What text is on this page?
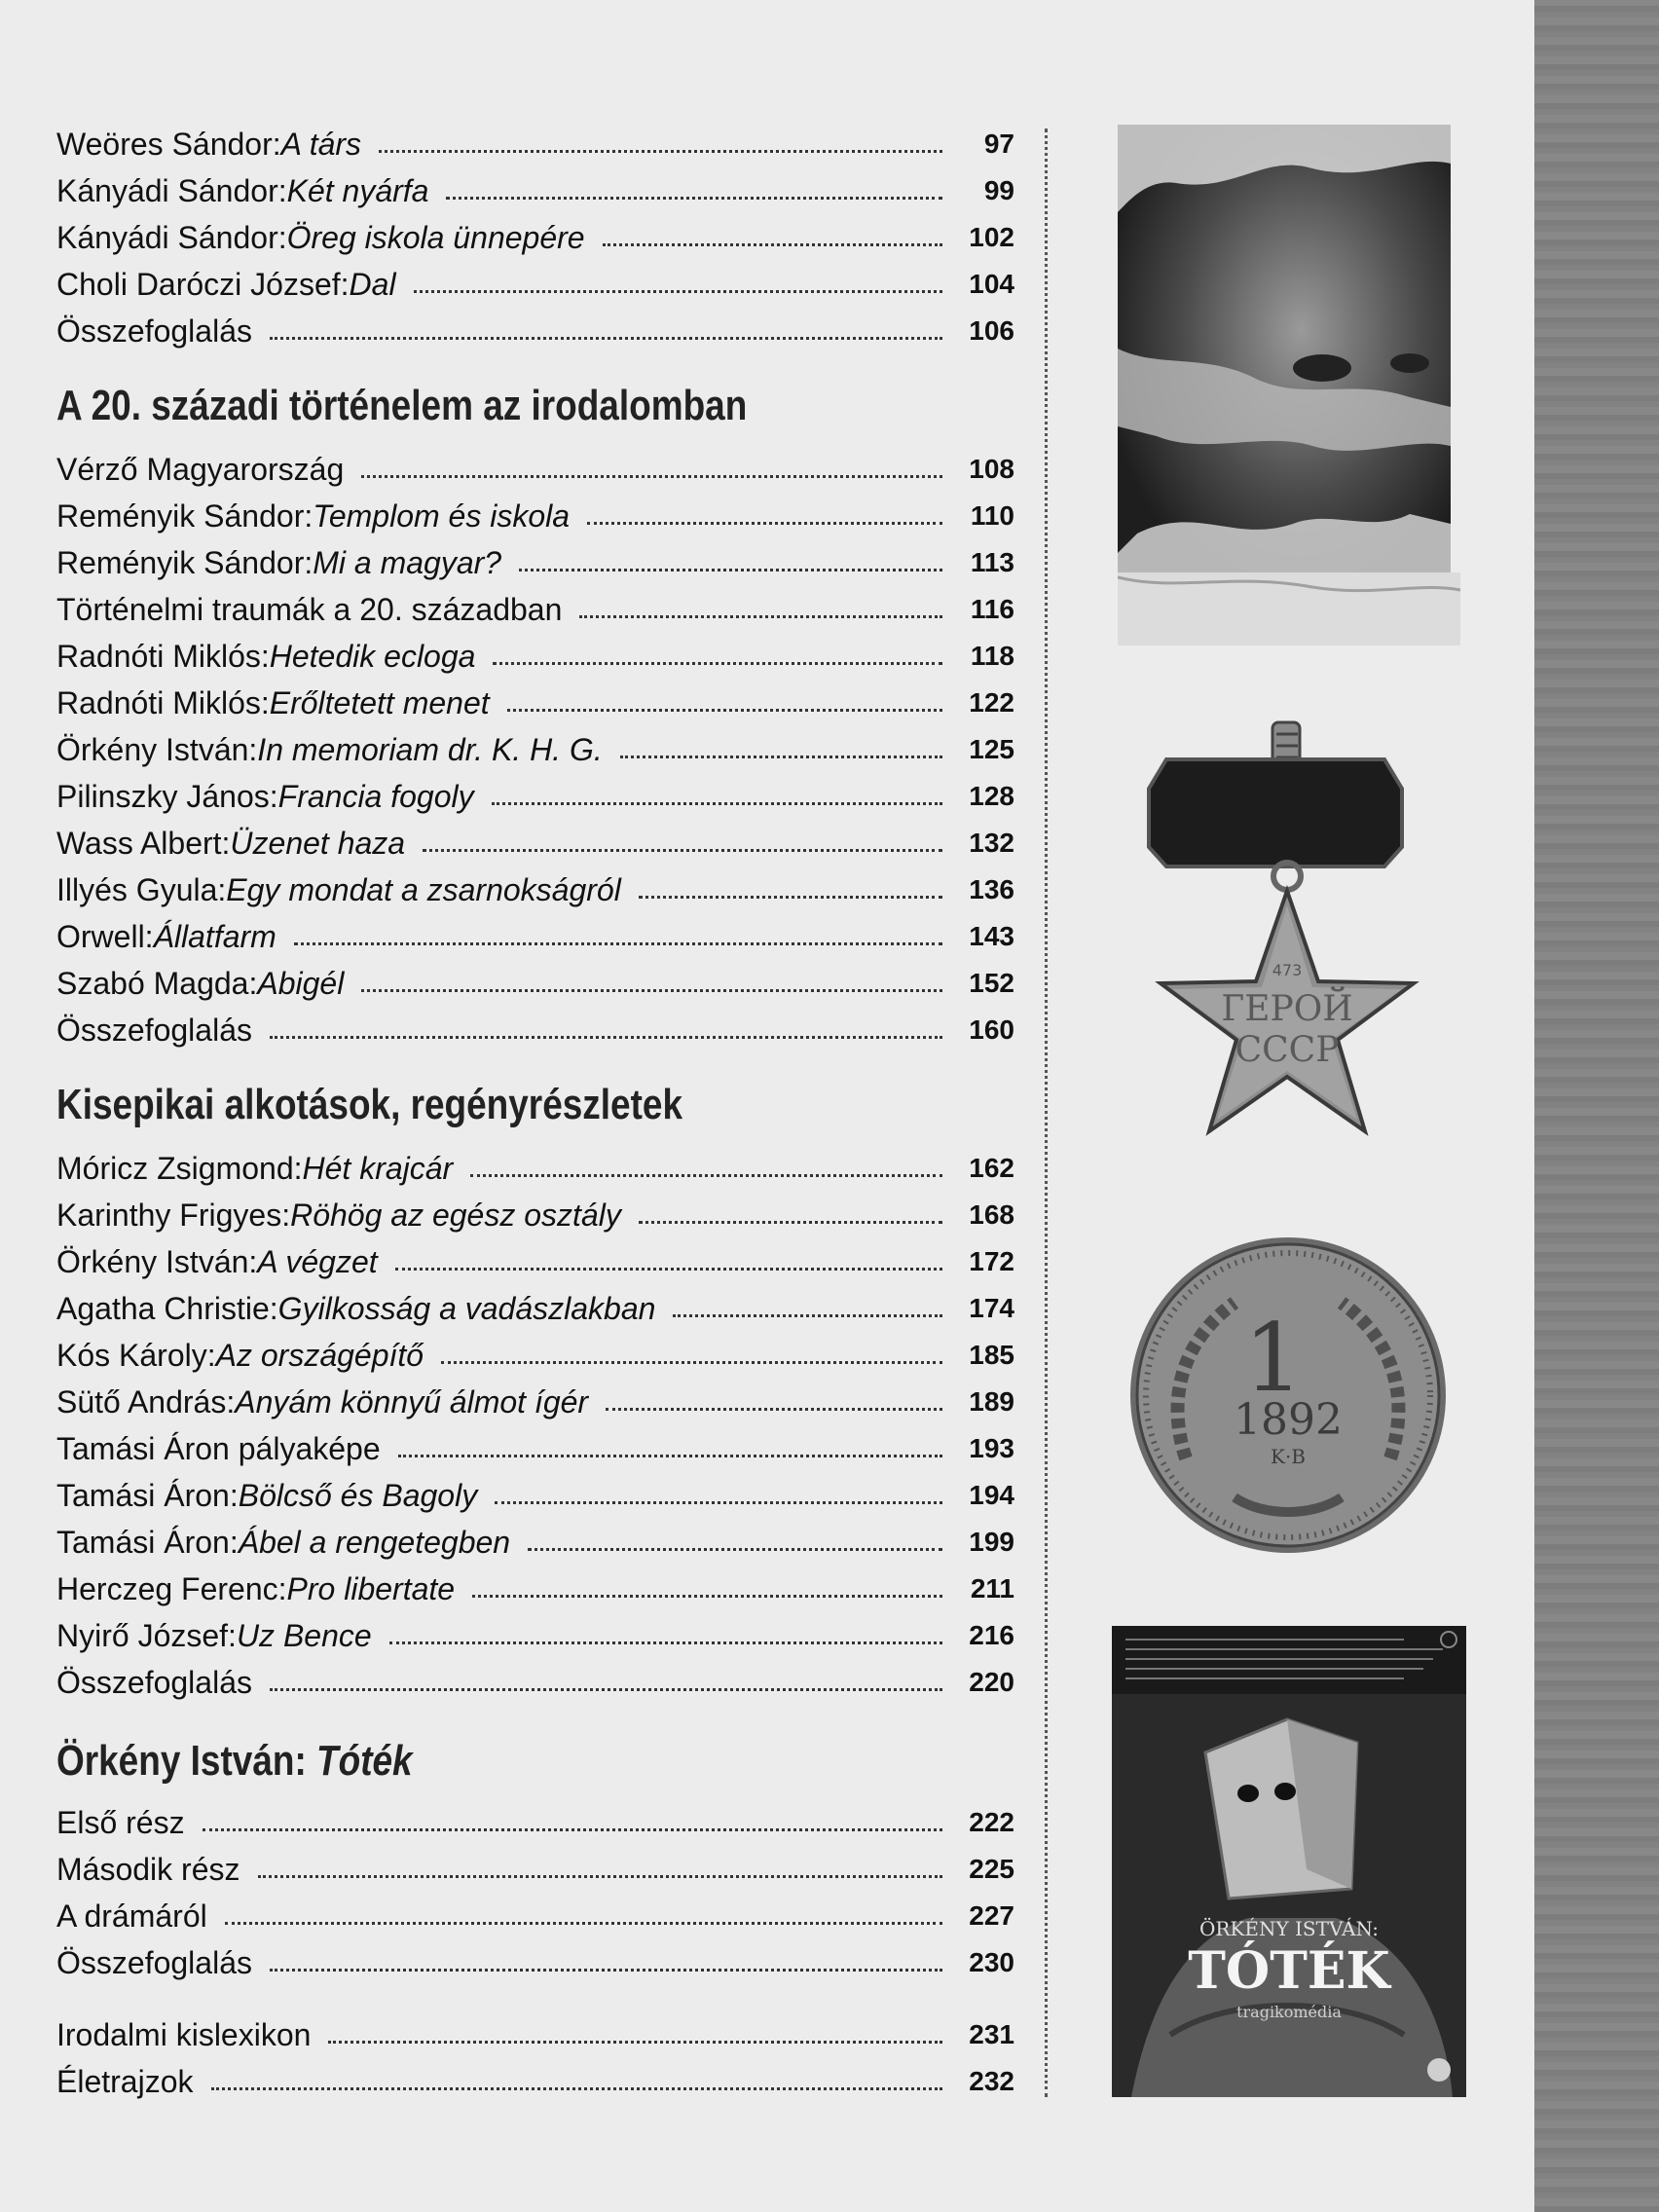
Weöres Sándor: A társ	97
Kányádi Sándor: Két nyárfa	99
Kányádi Sándor: Öreg iskola ünnepére	102
Choli Daróczi József: Dal	104
Összefoglalás	106
A 20. századi történelem az irodalomban
Vérző Magyarország	108
Reményik Sándor: Templom és iskola	110
Reményik Sándor: Mi a magyar?	113
Történelmi traumák a 20. században	116
Radnóti Miklós: Hetedik ecloga	118
Radnóti Miklós: Erőltetett menet	122
Örkény István: In memoriam dr. K. H. G.	125
Pilinszky János: Francia fogoly	128
Wass Albert: Üzenet haza	132
Illyés Gyula: Egy mondat a zsarnokságról	136
Orwell: Állatfarm	143
Szabó Magda: Abigél	152
Összefoglalás	160
Kisepikai alkotások, regényrészletek
Móricz Zsigmond: Hét krajcár	162
Karinthy Frigyes: Röhög az egész osztály	168
Örkény István: A végzet	172
Agatha Christie: Gyilkosság a vadászlakban	174
Kós Károly: Az országépítő	185
Sütő András: Anyám könnyű álmot ígér	189
Tamási Áron pályaképe	193
Tamási Áron: Bölcső és Bagoly	194
Tamási Áron: Ábel a rengetegben	199
Herczeg Ferenc: Pro libertate	211
Nyirő József: Uz Bence	216
Összefoglalás	220
Örkény István: Tóték
Első rész	222
Második rész	225
A drámáról	227
Összefoglalás	230
Irodalmi kislexikon	231
Életrajzok	232
473
ГЕРОЙ
СССР
1
1892
K·B
ÖRKÉNY ISTVÁN:
TÓTÉK
tragikomédia
